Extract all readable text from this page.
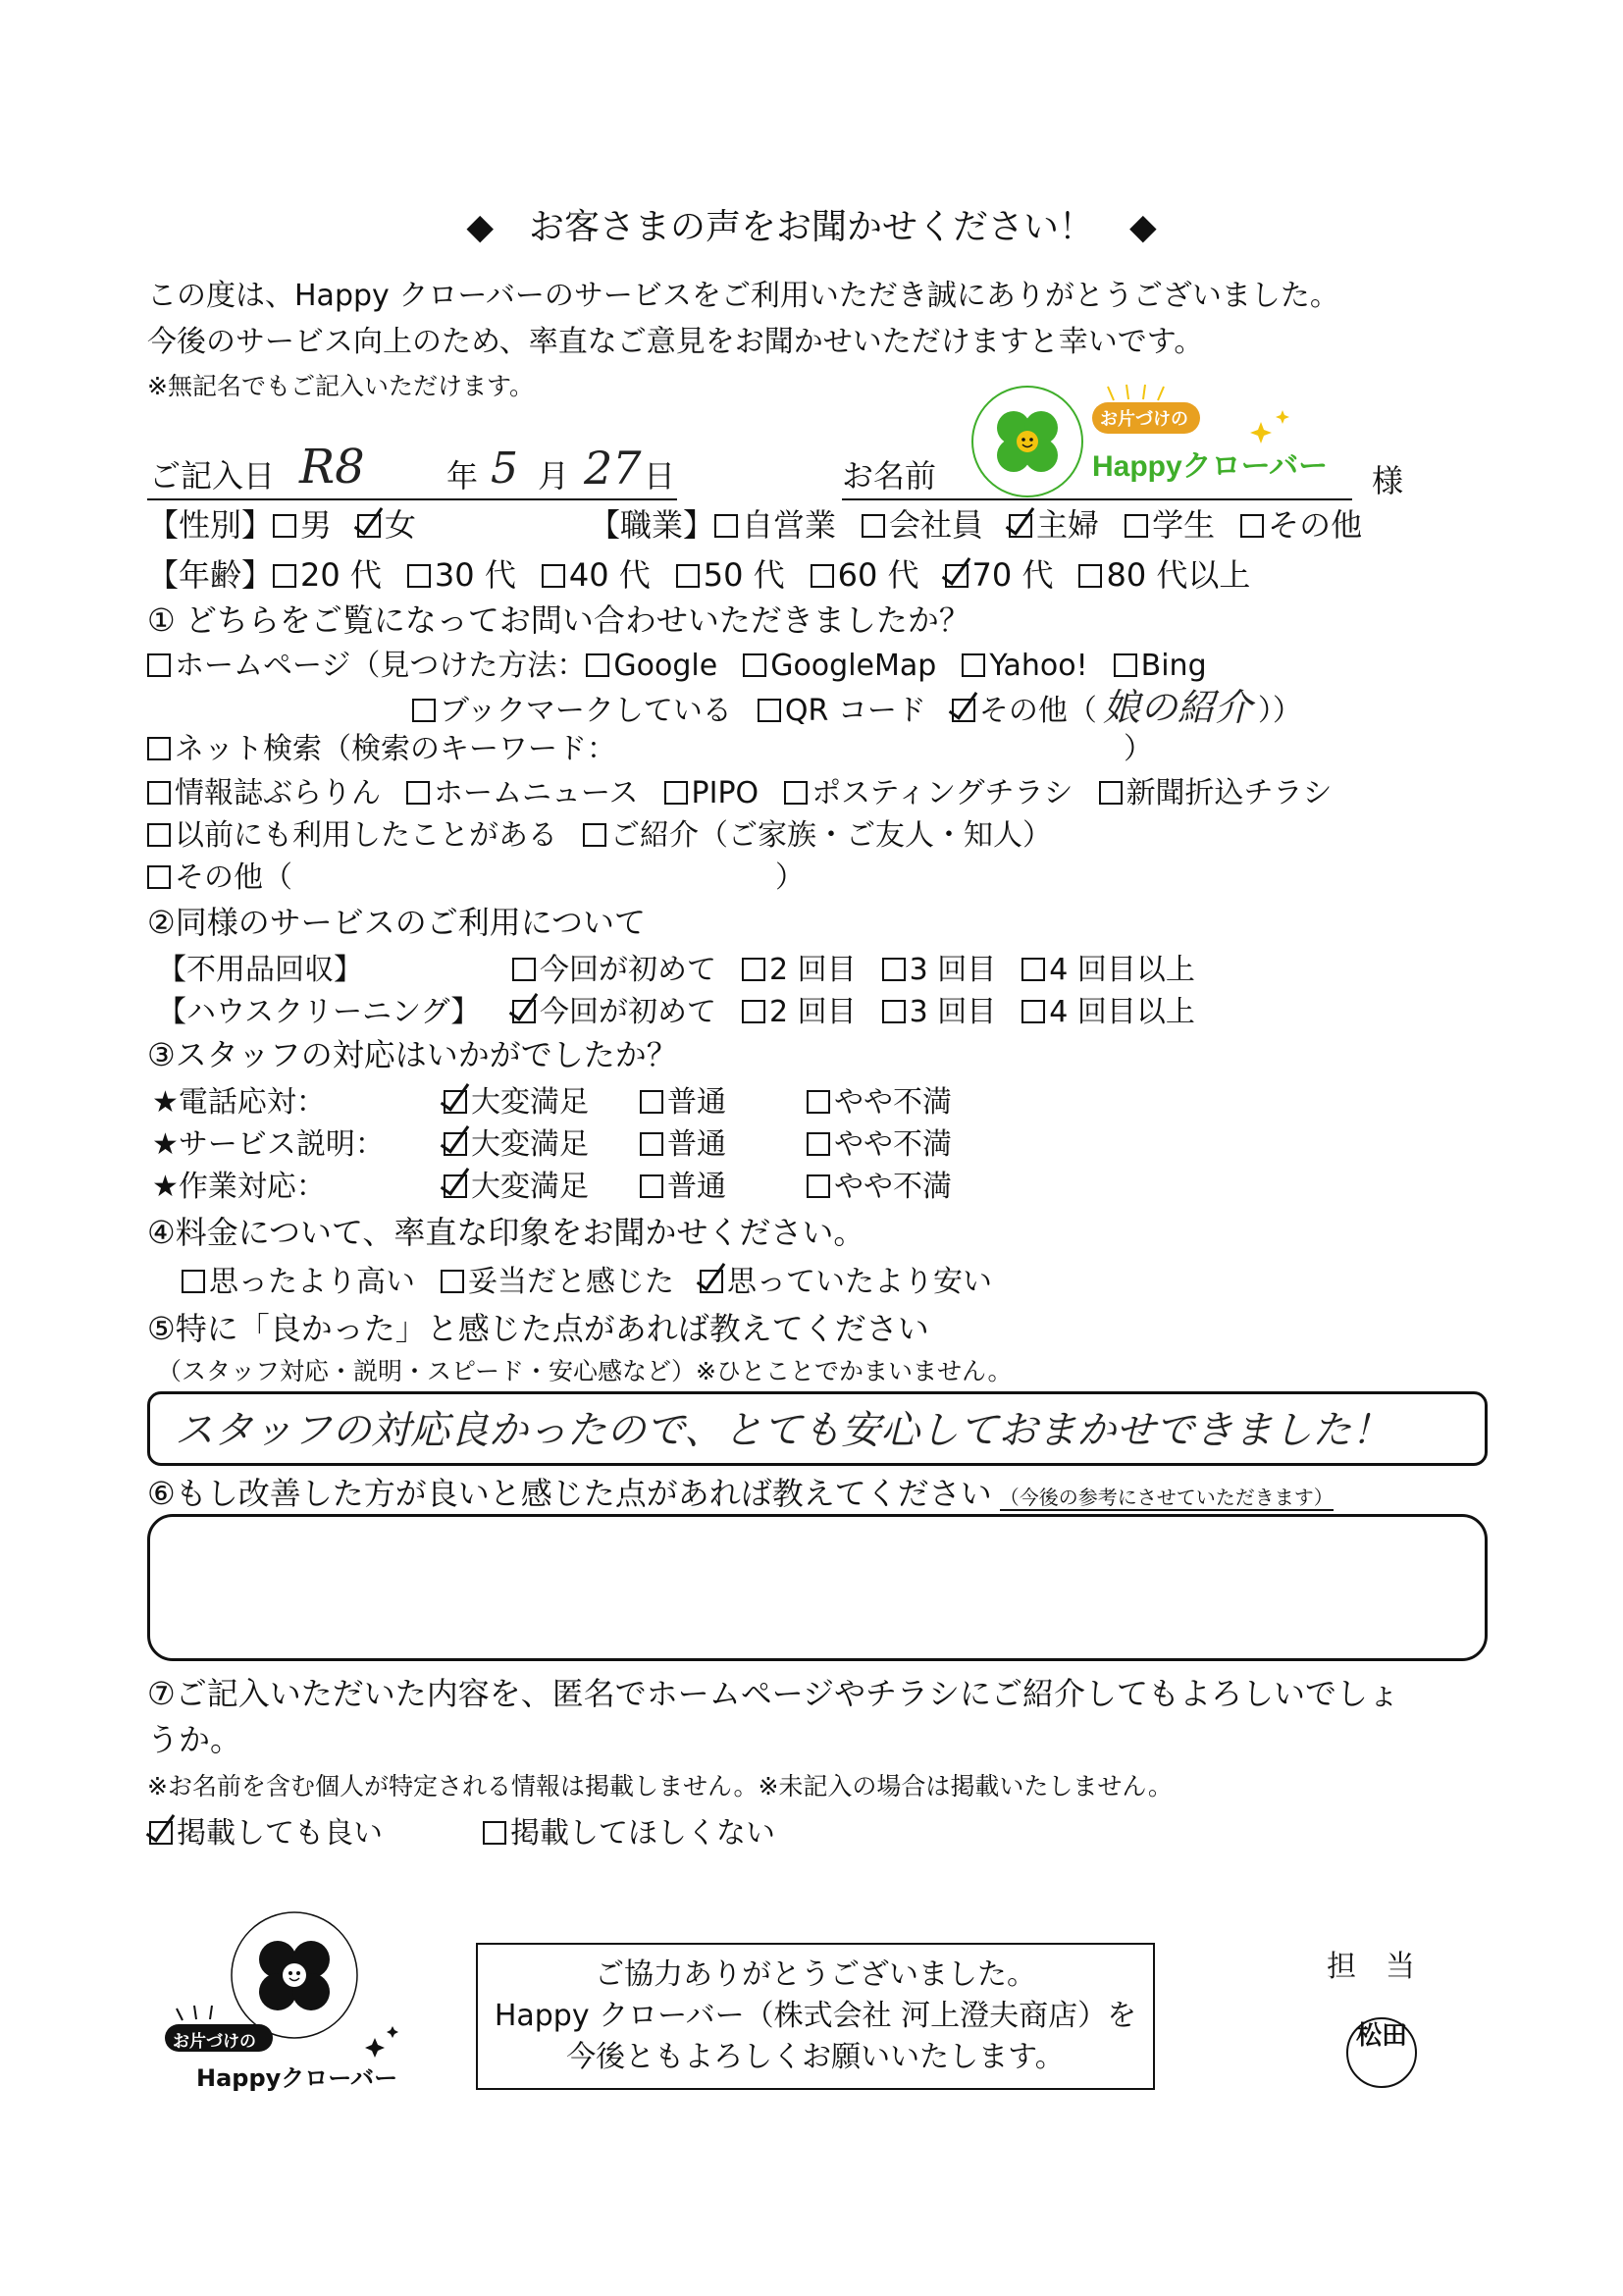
◆　お客さまの声をお聞かせください！　◆
この度は、Happy クローバーのサービスをご利用いただき誠にありがとうございました。
今後のサービス向上のため、率直なご意見をお聞かせいただけますと幸いです。
※無記名でもご記入いただけます。
ご記入日 R8	年 5 月 27 日	お名前	様
お片づけの
Happyクローバー
【性別】 男 女	【職業】 自営業 会社員 主婦 学生 その他
【年齢】 20 代 30 代 40 代 50 代 60 代 70 代 80 代以上
① どちらをご覧になってお問い合わせいただきましたか？
ホームページ（見つけた方法： Google GoogleMap Yahoo! Bing
ブックマークしている QR コード その他（ 娘の紹介 ））
ネット検索（検索のキーワード：	）
情報誌ぶらりん ホームニュース PIPO ポスティングチラシ 新聞折込チラシ
以前にも利用したことがある ご紹介（ご家族・ご友人・知人）
その他（	）
②同様のサービスのご利用について
【不用品回収】	今回が初めて 2 回目 3 回目 4 回目以上
【ハウスクリーニング】	今回が初めて 2 回目 3 回目 4 回目以上
③スタッフの対応はいかがでしたか？
★電話応対：	大変満足	普通	やや不満
★サービス説明：	大変満足	普通	やや不満
★作業対応：	大変満足	普通	やや不満
④料金について、率直な印象をお聞かせください。
思ったより高い 妥当だと感じた 思っていたより安い
⑤特に「良かった」と感じた点があれば教えてください
（スタッフ対応・説明・スピード・安心感など）※ひとことでかまいません。
スタッフの対応良かったので、とても安心しておまかせできました！
⑥もし改善した方が良いと感じた点があれば教えてください （今後の参考にさせていただきます）
⑦ご記入いただいた内容を、匿名でホームページやチラシにご紹介してもよろしいでしょ
うか。
※お名前を含む個人が特定される情報は掲載しません。※未記入の場合は掲載いたしません。
掲載しても良い	掲載してほしくない
お片づけの
Happyクローバー
ご協力ありがとうございました。
Happy クローバー（株式会社 河上澄夫商店）を
今後ともよろしくお願いいたします。
担　当
松田
